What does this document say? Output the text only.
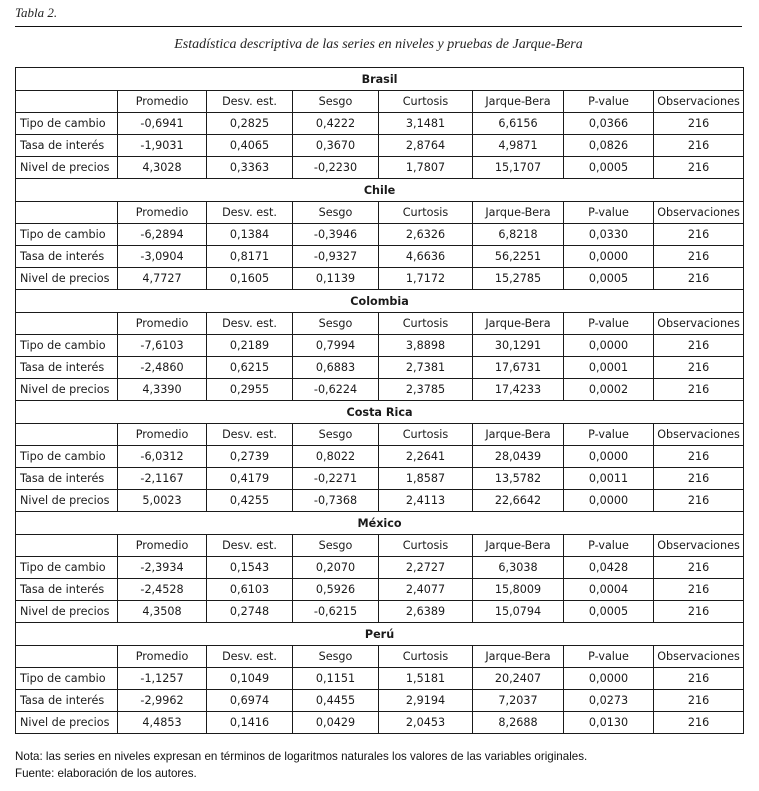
Tabla 2.
Estadística descriptiva de las series en niveles y pruebas de Jarque-Bera
Brasil							
	Promedio	Desv. est.	Sesgo	Curtosis	Jarque-Bera	P-value	Observaciones
Tipo de cambio	-0,6941	0,2825	0,4222	3,1481	6,6156	0,0366	216
Tasa de interés	-1,9031	0,4065	0,3670	2,8764	4,9871	0,0826	216
Nivel de precios	4,3028	0,3363	-0,2230	1,7807	15,1707	0,0005	216
Chile							
	Promedio	Desv. est.	Sesgo	Curtosis	Jarque-Bera	P-value	Observaciones
Tipo de cambio	-6,2894	0,1384	-0,3946	2,6326	6,8218	0,0330	216
Tasa de interés	-3,0904	0,8171	-0,9327	4,6636	56,2251	0,0000	216
Nivel de precios	4,7727	0,1605	0,1139	1,7172	15,2785	0,0005	216
Colombia							
	Promedio	Desv. est.	Sesgo	Curtosis	Jarque-Bera	P-value	Observaciones
Tipo de cambio	-7,6103	0,2189	0,7994	3,8898	30,1291	0,0000	216
Tasa de interés	-2,4860	0,6215	0,6883	2,7381	17,6731	0,0001	216
Nivel de precios	4,3390	0,2955	-0,6224	2,3785	17,4233	0,0002	216
Costa Rica							
	Promedio	Desv. est.	Sesgo	Curtosis	Jarque-Bera	P-value	Observaciones
Tipo de cambio	-6,0312	0,2739	0,8022	2,2641	28,0439	0,0000	216
Tasa de interés	-2,1167	0,4179	-0,2271	1,8587	13,5782	0,0011	216
Nivel de precios	5,0023	0,4255	-0,7368	2,4113	22,6642	0,0000	216
México							
	Promedio	Desv. est.	Sesgo	Curtosis	Jarque-Bera	P-value	Observaciones
Tipo de cambio	-2,3934	0,1543	0,2070	2,2727	6,3038	0,0428	216
Tasa de interés	-2,4528	0,6103	0,5926	2,4077	15,8009	0,0004	216
Nivel de precios	4,3508	0,2748	-0,6215	2,6389	15,0794	0,0005	216
Perú							
	Promedio	Desv. est.	Sesgo	Curtosis	Jarque-Bera	P-value	Observaciones
Tipo de cambio	-1,1257	0,1049	0,1151	1,5181	20,2407	0,0000	216
Tasa de interés	-2,9962	0,6974	0,4455	2,9194	7,2037	0,0273	216
Nivel de precios	4,4853	0,1416	0,0429	2,0453	8,2688	0,0130	216
Nota: las series en niveles expresan en términos de logaritmos naturales los valores de las variables originales.
Fuente: elaboración de los autores.
